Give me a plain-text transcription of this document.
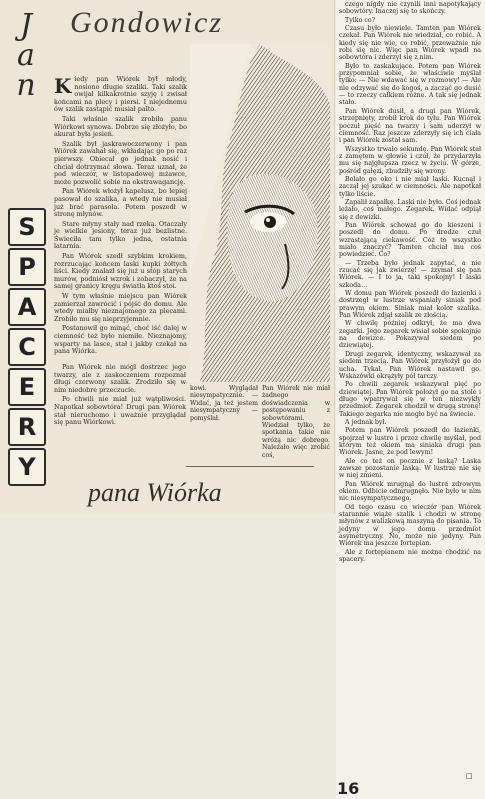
J
a
n
S
P
A
C
E
R
Y
Gondowicz

Kiedy pan Wiórek był młody, nosiono długie szaliki. Taki szalik owijał kilkakrotnie szyję i zwisał końcami na plecy i piersi. I niejednemu ów szalik zastąpić musiał palto.

Taki właśnie szalik zrobiła panu Wiórkowi synowa. Dobrze się złożyło, bo akurat była jesień.

Szalik był jaskrawoczerwony i pan Wiórek zawahał się, wkładając go po raz pierwszy. Obiecał go jednak nosić i chciał dotrzymać słowa. Teraz uznał, że pod wieczór, w listopadowej mżawce, może pozwolić sobie na ekstrawagancję.

Pan Wiórek włożył kapelusz, bo lepiej pasował do szalika, a wtedy nie musiał już brać parasola. Potem poszedł w stronę młynów.

Stare młyny stały nad rzeką. Otaczały je wielkie jesiony, teraz już bezlistne. Świeciła tam tylko jedna, ostatnia latarnia.

Pan Wiórek szedł szybkim krokiem, rozrzucając końcem laski kupki żółtych liści. Kiedy znalazł się już u stóp starych murów, podniósł wzrok i zobaczył, że na samej granicy kręgu światła ktoś stoi.

W tym właśnie miejscu pan Wiórek zamierzał zawrócić i pójść do domu. Ale wtedy miałby nieznajomego za plecami. Zrobiło mu się nieprzyjemnie.

Postanowił go minąć, choć iść dalej w ciemność też było niemiłe. Nieznajomy, wsparty na lasce, stał i jakby czekał na pana Wiórka.

kowi. Wyglądał niesympatycznie. — Widać, ja też jestem niesympatyczny — pomyślał.
Pan Wiórek nie miał żadnego doświadczenia w postępowaniu z sobowtórami. Wiedział tylko, że spotkania takie nie wróżą nic dobrego. Należało więc zrobić coś,

Pan Wiórek nie mógł dostrzec jego twarzy, ale z zaskoczeniem rozpoznał długi czerwony szalik. Zrodziło się w nim niedobre przeczucie.

Po chwili nie miał już wątpliwości. Napotkał sobowtóra! Drugi pan Wiórek stał nieruchomo i uważnie przyglądał się panu Wiórkowi.

pana Wiórka

czego nigdy nie czynili inni napotykający sobowtóry. Inaczej się to skończy.

Tylko co?

Czasu było niewiele. Tamten pan Wiórek czekał. Pan Wiórek nie wiedział, co robić. A kiedy się nie wie, co robić, przeważnie nie robi się nic. Więc pan Wiórek wpadł na sobowtóra i zderzył się z nim.

Było to zaskakujące. Potem pan Wiórek przypomniał sobie, że właściwie myślał tylko: — Nie wdawać się w rozmowy! — Ale nie odzywać się do kogoś, a zacząć go dusić — to rzeczy całkiem różne. A tak się jednak stało.

Pan Wiórek dusił, a drugi pan Wiórek, strzepnięty, zrobił krok do tyłu. Pan Wiórek poczuł pięść na twarzy i sam uderzył w ciemność. Raz jeszcze zderzyły się ich ciała i pan Wiórek został sam.

Wszystko trwało sekundę. Pan Wiórek stał z zamętem w głowie i czuł, że przydarzyła mu się najgłupsza rzecz w życiu. W górze, pośród gałęzi, zbudziły się wrony.

Bolało go oko i nie miał laski. Kucnął i zaczął jej szukać w ciemności. Ale napotkał tylko liście.

Zapalił zapałkę. Laski nie było. Coś jednak leżało, coś małego. Zegarek. Widać odpiął się z dewizki.

Pan Wiórek schował go do kieszeni i poszedł do domu. Po drodze czuł wzrastającą ciekawość. Cóż to wszystko miało znaczyć? Tamten chciał mu coś powiedzieć. Co?

— Trzeba było jednak zapytać, a nie rzucać się jak zwierzę! — żzymał się pan Wiórek. — I to ja, taki spokojny! I laski szkoda…

W domu pan Wiórek poszedł do łazienki i dostrzegł w lustrze wspaniały siniak pod prawym okiem. Siniak miał kolor szalika. Pan Wiórek zdjął szalik ze złością.

W chwilę później odkrył, że ma dwa zegarki. Jego zegarek wisiał sobie spokojnie na dewizce. Pokazywał siedem po dziewiątej.

Drugi zegarek, identyczny, wskazywał za siedem trzecią. Pan Wiórek przyłożył go do ucha. Tykał. Pan Wiórek nastawił go. Wskazówki okrążyły pół tarczy.

Po chwili zegarek wskazywał pięć po dziewiątej. Pan Wiórek położył go na stole i długo wpatrywał się w ten niezwykły przedmiot. Zegarek chodził w drugą stronę! Takiego zegarka nie mogło być na świecie.

A jednak był.

Potem pan Wiórek poszedł do łazienki, spojrzał w lustro i przez chwilę myślał, pod którym też okiem ma siniaka drugi pan Wiórek. Jasne, że pod lewym!

Ale co też on pocznie z laską? Laska zawsze pozostanie laską. W lustrze nie się w niej zmieni.

Pan Wiórek mrugnął do lustra zdrowym okiem. Odbicie odmrugnęło. Nie było w nim nic niesympatycznego.

Od tego czasu co wieczór pan Wiórek starannie wiąże szalik i chodzi w stronę młynów z walizkową maszyną do pisania. To jedyny w jego domu przedmiot asymetryczny. No, może nie jedyny. Pan Wiórek ma jeszcze fortepian.

Ale z fortepianem nie można chodzić na spacery.

□
16
